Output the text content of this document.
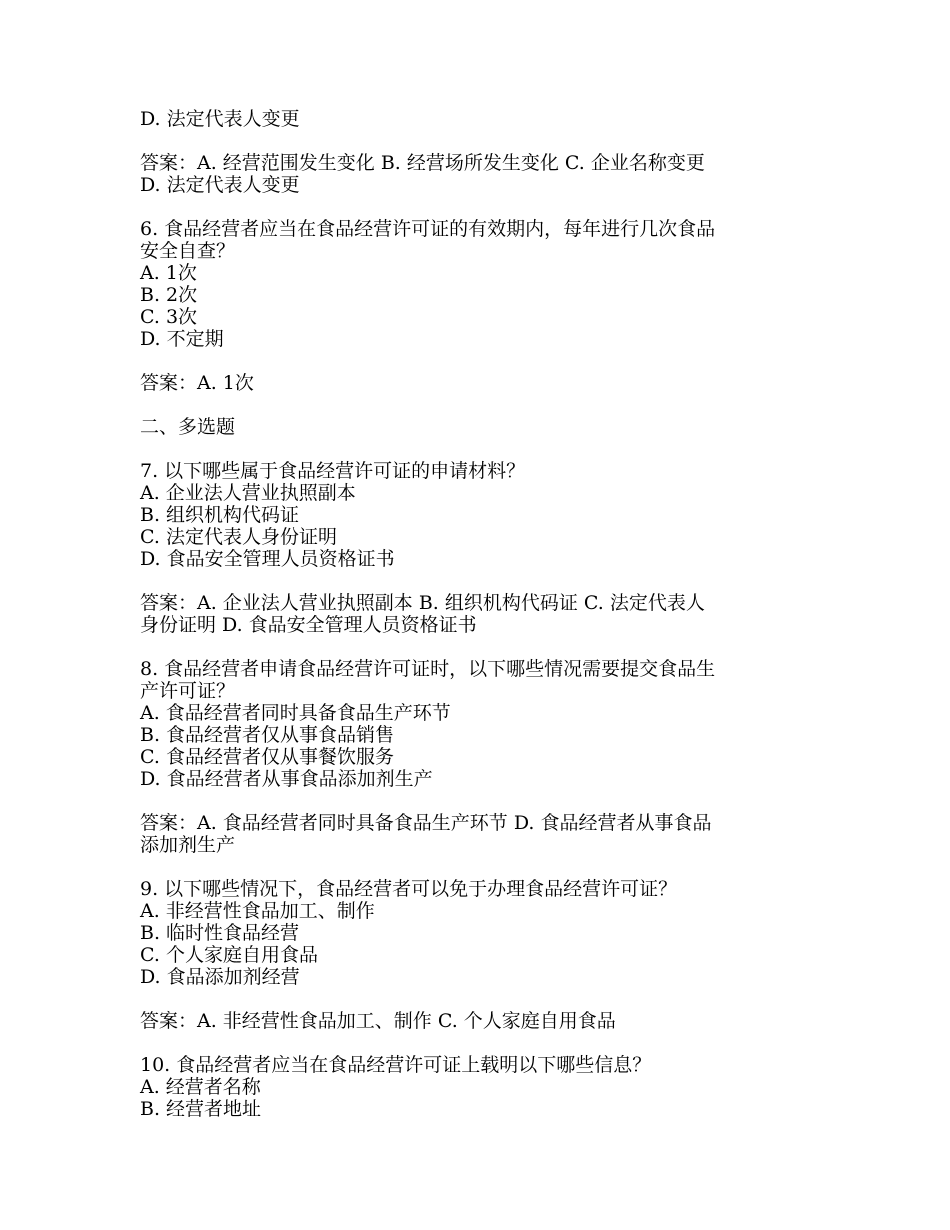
D. 法定代表人变更
答案：A. 经营范围发生变化 B. 经营场所发生变化 C. 企业名称变更
D. 法定代表人变更
6. 食品经营者应当在食品经营许可证的有效期内，每年进行几次食品
安全自查？
A. 1次
B. 2次
C. 3次
D. 不定期
答案：A. 1次
二、多选题
7. 以下哪些属于食品经营许可证的申请材料？
A. 企业法人营业执照副本
B. 组织机构代码证
C. 法定代表人身份证明
D. 食品安全管理人员资格证书
答案：A. 企业法人营业执照副本 B. 组织机构代码证 C. 法定代表人
身份证明 D. 食品安全管理人员资格证书
8. 食品经营者申请食品经营许可证时，以下哪些情况需要提交食品生
产许可证？
A. 食品经营者同时具备食品生产环节
B. 食品经营者仅从事食品销售
C. 食品经营者仅从事餐饮服务
D. 食品经营者从事食品添加剂生产
答案：A. 食品经营者同时具备食品生产环节 D. 食品经营者从事食品
添加剂生产
9. 以下哪些情况下，食品经营者可以免于办理食品经营许可证？
A. 非经营性食品加工、制作
B. 临时性食品经营
C. 个人家庭自用食品
D. 食品添加剂经营
答案：A. 非经营性食品加工、制作 C. 个人家庭自用食品
10. 食品经营者应当在食品经营许可证上载明以下哪些信息？
A. 经营者名称
B. 经营者地址
